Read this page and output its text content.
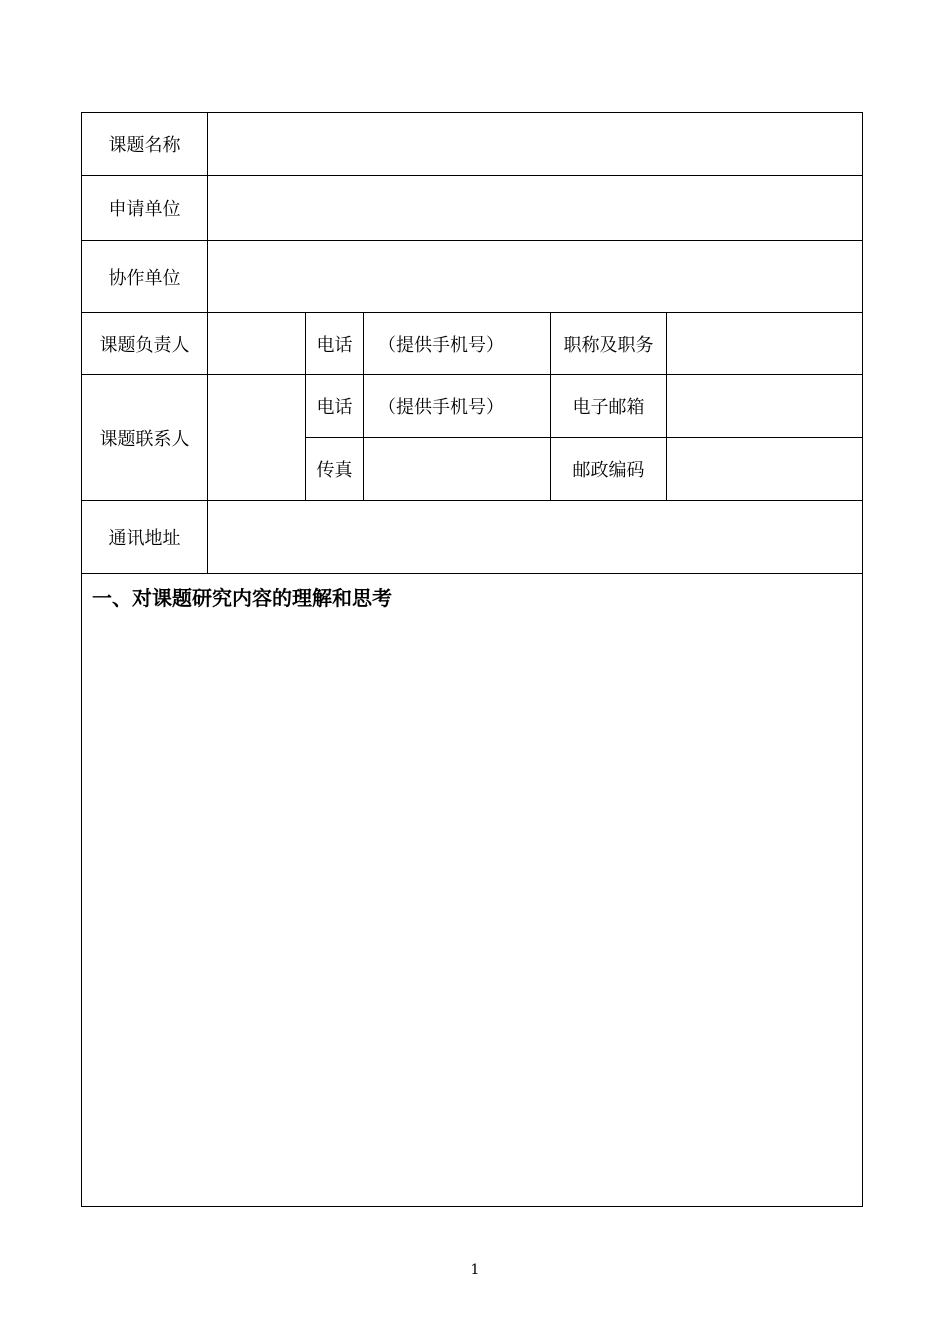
课题名称					
申请单位					
协作单位					
课题负责人		电话	（提供手机号）	职称及职务	
课题联系人		电话	（提供手机号）	电子邮箱	
		传真		邮政编码	
通讯地址					

一、对课题研究内容的理解和思考					
1
